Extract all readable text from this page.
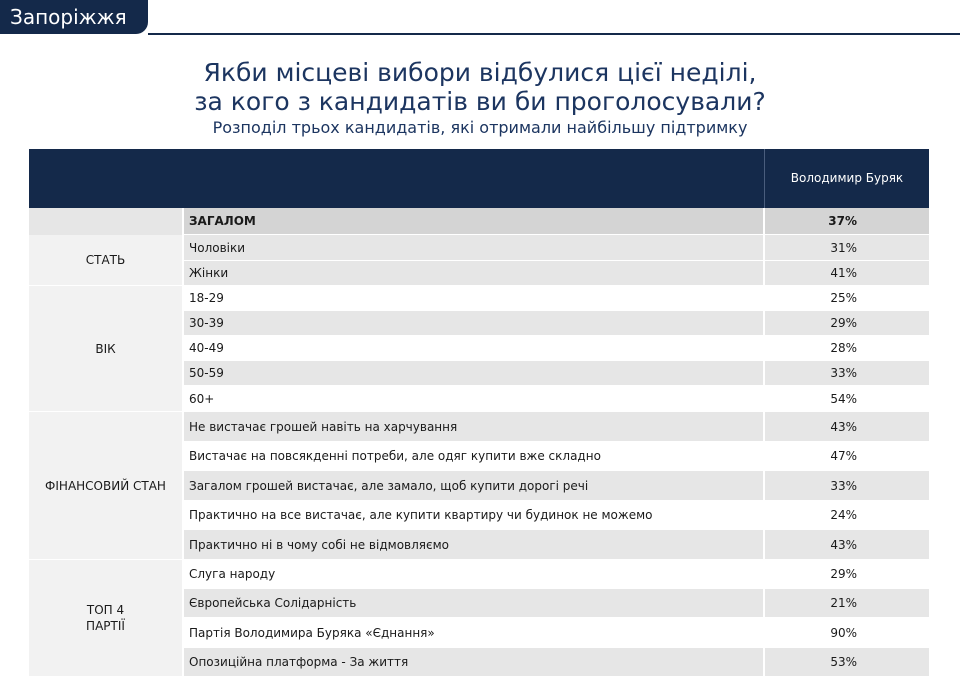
Запоріжжя
Якби місцеві вибори відбулися цієї неділі,
за кого з кандидатів ви би проголосували?
Розподіл трьох кандидатів, які отримали найбільшу підтримку
Володимир Буряк
ЗАГАЛОМ	37%
СТАТЬ
Чоловіки	31%
Жінки	41%
ВІК
18-29	25%
30-39	29%
40-49	28%
50-59	33%
60+	54%
ФІНАНСОВИЙ СТАН
Не вистачає грошей навіть на харчування	43%
Вистачає на повсякденні потреби, але одяг купити вже складно	47%
Загалом грошей вистачає, але замало, щоб купити дорогі речі	33%
Практично на все вистачає, але купити квартиру чи будинок не можемо	24%
Практично ні в чому собі не відмовляємо	43%
ТОП 4
ПАРТІЇ
Слуга народу	29%
Європейська Солідарність	21%
Партія Володимира Буряка «Єднання»	90%
Опозиційна платформа - За життя	53%
